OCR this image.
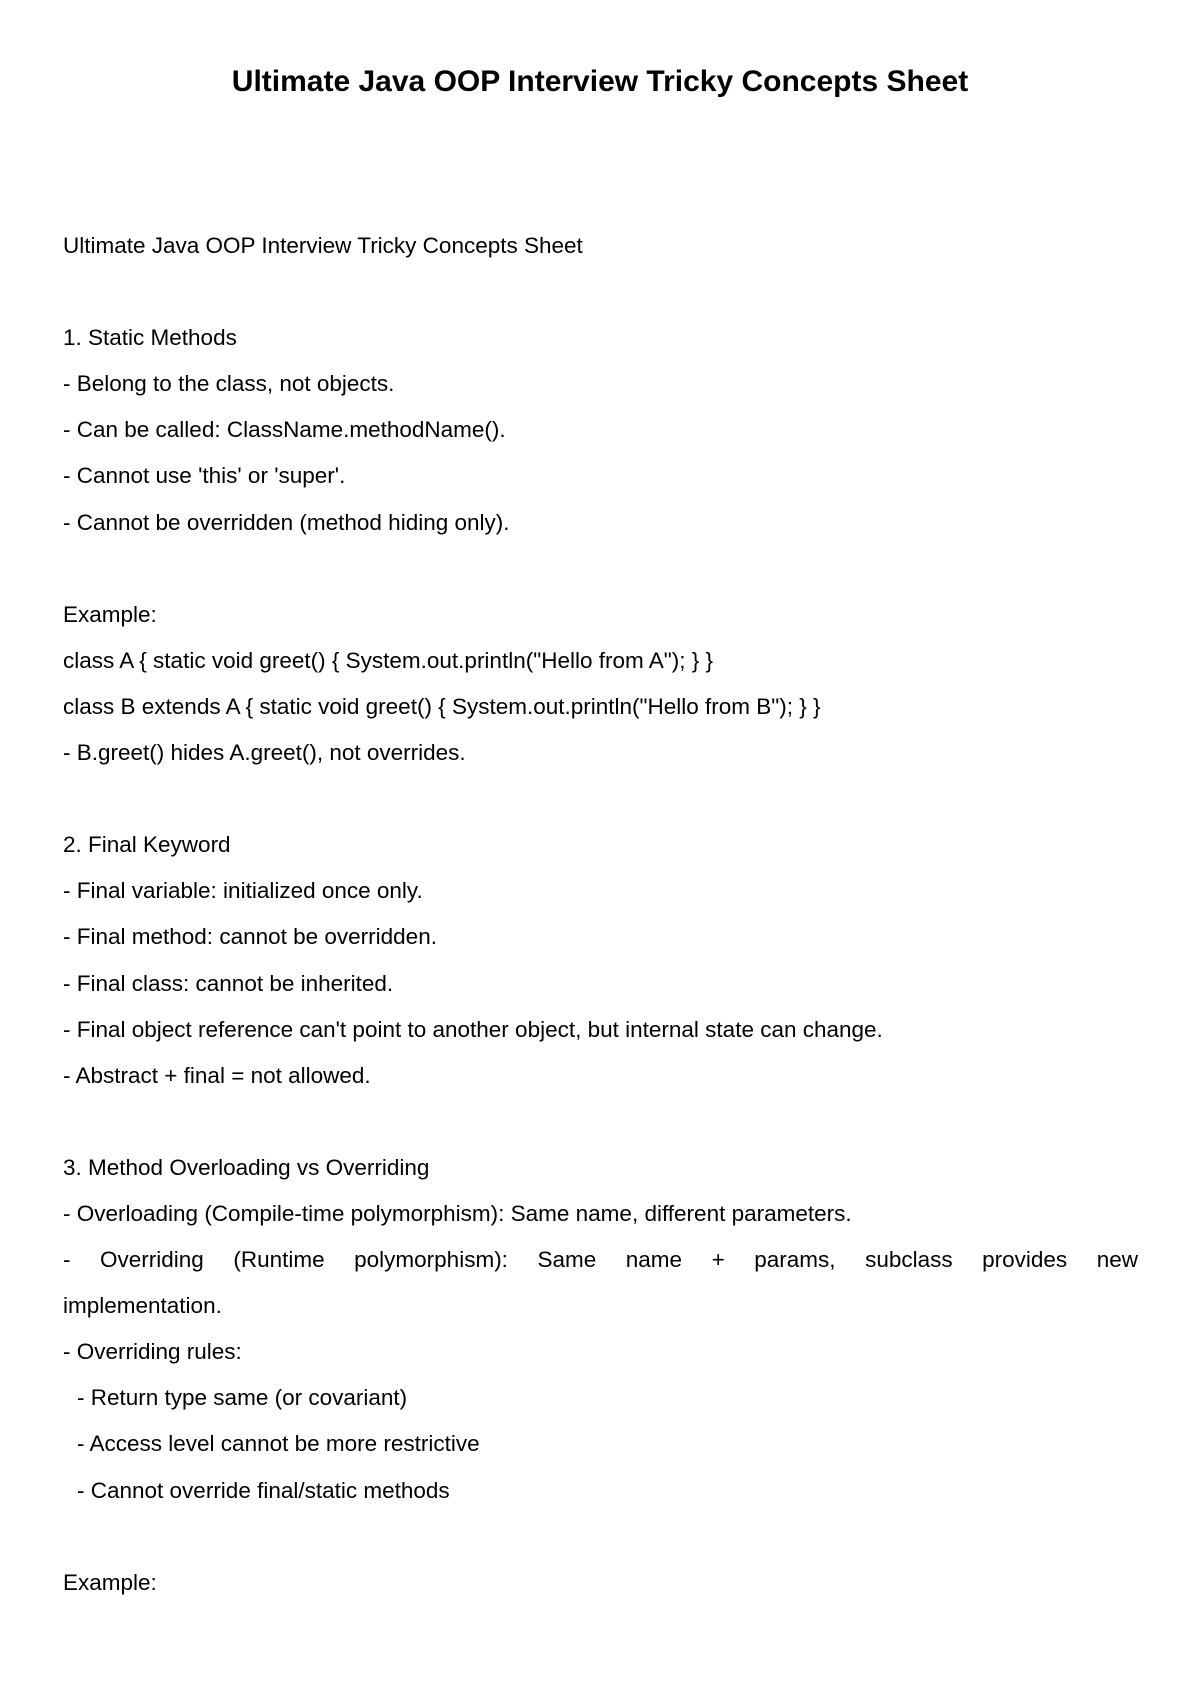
Ultimate Java OOP Interview Tricky Concepts Sheet
Ultimate Java OOP Interview Tricky Concepts Sheet
1. Static Methods
- Belong to the class, not objects.
- Can be called: ClassName.methodName().
- Cannot use 'this' or 'super'.
- Cannot be overridden (method hiding only).
Example:
class A { static void greet() { System.out.println("Hello from A"); } }
class B extends A { static void greet() { System.out.println("Hello from B"); } }
- B.greet() hides A.greet(), not overrides.
2. Final Keyword
- Final variable: initialized once only.
- Final method: cannot be overridden.
- Final class: cannot be inherited.
- Final object reference can't point to another object, but internal state can change.
- Abstract + final = not allowed.
3. Method Overloading vs Overriding
- Overloading (Compile-time polymorphism): Same name, different parameters.
- Overriding (Runtime polymorphism): Same name + params, subclass provides new
implementation.
- Overriding rules:
- Return type same (or covariant)
- Access level cannot be more restrictive
- Cannot override final/static methods
Example:
